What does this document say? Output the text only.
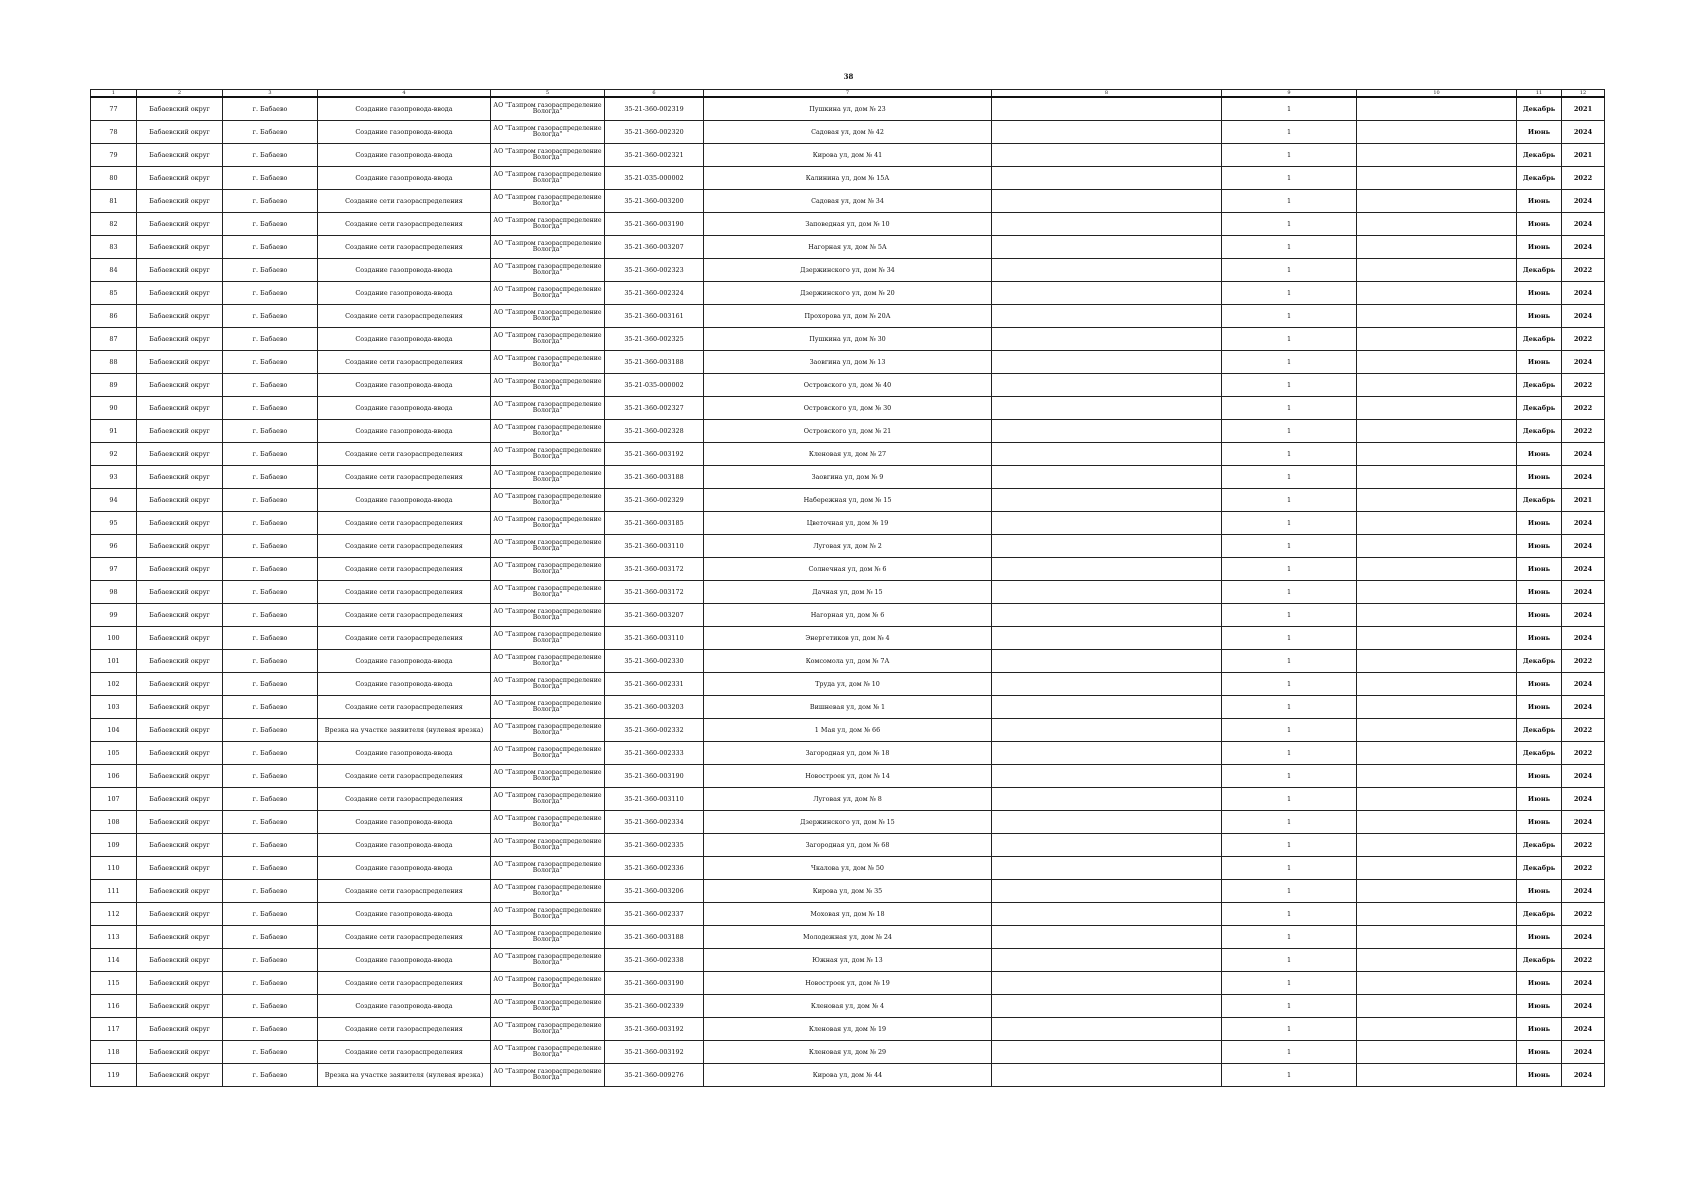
38
1	2	3	4	5	6	7	8	9	10	11	12
77	Бабаевский округ	г. Бабаево	Создание газопровода-ввода	АО "Газпром газораспределение Вологда"	35-21-360-002319	Пушкина ул, дом № 23		1		Декабрь	2021
78	Бабаевский округ	г. Бабаево	Создание газопровода-ввода	АО "Газпром газораспределение Вологда"	35-21-360-002320	Садовая ул, дом № 42		1		Июнь	2024
79	Бабаевский округ	г. Бабаево	Создание газопровода-ввода	АО "Газпром газораспределение Вологда"	35-21-360-002321	Кирова ул, дом № 41		1		Декабрь	2021
80	Бабаевский округ	г. Бабаево	Создание газопровода-ввода	АО "Газпром газораспределение Вологда"	35-21-035-000002	Калинина ул, дом № 15А		1		Декабрь	2022
81	Бабаевский округ	г. Бабаево	Создание сети газораспределения	АО "Газпром газораспределение Вологда"	35-21-360-003200	Садовая ул, дом № 34		1		Июнь	2024
82	Бабаевский округ	г. Бабаево	Создание сети газораспределения	АО "Газпром газораспределение Вологда"	35-21-360-003190	Заповедная ул, дом № 10		1		Июнь	2024
83	Бабаевский округ	г. Бабаево	Создание сети газораспределения	АО "Газпром газораспределение Вологда"	35-21-360-003207	Нагорная ул, дом № 5А		1		Июнь	2024
84	Бабаевский округ	г. Бабаево	Создание газопровода-ввода	АО "Газпром газораспределение Вологда"	35-21-360-002323	Дзержинского ул, дом № 34		1		Декабрь	2022
85	Бабаевский округ	г. Бабаево	Создание газопровода-ввода	АО "Газпром газораспределение Вологда"	35-21-360-002324	Дзержинского ул, дом № 20		1		Июнь	2024
86	Бабаевский округ	г. Бабаево	Создание сети газораспределения	АО "Газпром газораспределение Вологда"	35-21-360-003161	Прохорова ул, дом № 20А		1		Июнь	2024
87	Бабаевский округ	г. Бабаево	Создание газопровода-ввода	АО "Газпром газораспределение Вологда"	35-21-360-002325	Пушкина ул, дом № 30		1		Декабрь	2022
88	Бабаевский округ	г. Бабаево	Создание сети газораспределения	АО "Газпром газораспределение Вологда"	35-21-360-003188	Заовгина ул, дом № 13		1		Июнь	2024
89	Бабаевский округ	г. Бабаево	Создание газопровода-ввода	АО "Газпром газораспределение Вологда"	35-21-035-000002	Островского ул, дом № 40		1		Декабрь	2022
90	Бабаевский округ	г. Бабаево	Создание газопровода-ввода	АО "Газпром газораспределение Вологда"	35-21-360-002327	Островского ул, дом № 30		1		Декабрь	2022
91	Бабаевский округ	г. Бабаево	Создание газопровода-ввода	АО "Газпром газораспределение Вологда"	35-21-360-002328	Островского ул, дом № 21		1		Декабрь	2022
92	Бабаевский округ	г. Бабаево	Создание сети газораспределения	АО "Газпром газораспределение Вологда"	35-21-360-003192	Кленовая ул, дом № 27		1		Июнь	2024
93	Бабаевский округ	г. Бабаево	Создание сети газораспределения	АО "Газпром газораспределение Вологда"	35-21-360-003188	Заовгина ул, дом № 9		1		Июнь	2024
94	Бабаевский округ	г. Бабаево	Создание газопровода-ввода	АО "Газпром газораспределение Вологда"	35-21-360-002329	Набережная ул, дом № 15		1		Декабрь	2021
95	Бабаевский округ	г. Бабаево	Создание сети газораспределения	АО "Газпром газораспределение Вологда"	35-21-360-003185	Цветочная ул, дом № 19		1		Июнь	2024
96	Бабаевский округ	г. Бабаево	Создание сети газораспределения	АО "Газпром газораспределение Вологда"	35-21-360-003110	Луговая ул, дом № 2		1		Июнь	2024
97	Бабаевский округ	г. Бабаево	Создание сети газораспределения	АО "Газпром газораспределение Вологда"	35-21-360-003172	Солнечная ул, дом № 6		1		Июнь	2024
98	Бабаевский округ	г. Бабаево	Создание сети газораспределения	АО "Газпром газораспределение Вологда"	35-21-360-003172	Дачная ул, дом № 15		1		Июнь	2024
99	Бабаевский округ	г. Бабаево	Создание сети газораспределения	АО "Газпром газораспределение Вологда"	35-21-360-003207	Нагорная ул, дом № 6		1		Июнь	2024
100	Бабаевский округ	г. Бабаево	Создание сети газораспределения	АО "Газпром газораспределение Вологда"	35-21-360-003110	Энергетиков ул, дом № 4		1		Июнь	2024
101	Бабаевский округ	г. Бабаево	Создание газопровода-ввода	АО "Газпром газораспределение Вологда"	35-21-360-002330	Комсомола ул, дом № 7А		1		Декабрь	2022
102	Бабаевский округ	г. Бабаево	Создание газопровода-ввода	АО "Газпром газораспределение Вологда"	35-21-360-002331	Труда ул, дом № 10		1		Июнь	2024
103	Бабаевский округ	г. Бабаево	Создание сети газораспределения	АО "Газпром газораспределение Вологда"	35-21-360-003203	Вишневая ул, дом № 1		1		Июнь	2024
104	Бабаевский округ	г. Бабаево	Врезка на участке заявителя (нулевая врезка)	АО "Газпром газораспределение Вологда"	35-21-360-002332	1 Мая ул, дом № 66		1		Декабрь	2022
105	Бабаевский округ	г. Бабаево	Создание газопровода-ввода	АО "Газпром газораспределение Вологда"	35-21-360-002333	Загородная ул, дом № 18		1		Декабрь	2022
106	Бабаевский округ	г. Бабаево	Создание сети газораспределения	АО "Газпром газораспределение Вологда"	35-21-360-003190	Новостроек ул, дом № 14		1		Июнь	2024
107	Бабаевский округ	г. Бабаево	Создание сети газораспределения	АО "Газпром газораспределение Вологда"	35-21-360-003110	Луговая ул, дом № 8		1		Июнь	2024
108	Бабаевский округ	г. Бабаево	Создание газопровода-ввода	АО "Газпром газораспределение Вологда"	35-21-360-002334	Дзержинского ул, дом № 15		1		Июнь	2024
109	Бабаевский округ	г. Бабаево	Создание газопровода-ввода	АО "Газпром газораспределение Вологда"	35-21-360-002335	Загородная ул, дом № 68		1		Декабрь	2022
110	Бабаевский округ	г. Бабаево	Создание газопровода-ввода	АО "Газпром газораспределение Вологда"	35-21-360-002336	Чкалова ул, дом № 50		1		Декабрь	2022
111	Бабаевский округ	г. Бабаево	Создание сети газораспределения	АО "Газпром газораспределение Вологда"	35-21-360-003206	Кирова ул, дом № 35		1		Июнь	2024
112	Бабаевский округ	г. Бабаево	Создание газопровода-ввода	АО "Газпром газораспределение Вологда"	35-21-360-002337	Моховая ул, дом № 18		1		Декабрь	2022
113	Бабаевский округ	г. Бабаево	Создание сети газораспределения	АО "Газпром газораспределение Вологда"	35-21-360-003188	Молодежная ул, дом № 24		1		Июнь	2024
114	Бабаевский округ	г. Бабаево	Создание газопровода-ввода	АО "Газпром газораспределение Вологда"	35-21-360-002338	Южная ул, дом № 13		1		Декабрь	2022
115	Бабаевский округ	г. Бабаево	Создание сети газораспределения	АО "Газпром газораспределение Вологда"	35-21-360-003190	Новостроек ул, дом № 19		1		Июнь	2024
116	Бабаевский округ	г. Бабаево	Создание газопровода-ввода	АО "Газпром газораспределение Вологда"	35-21-360-002339	Кленовая ул, дом № 4		1		Июнь	2024
117	Бабаевский округ	г. Бабаево	Создание сети газораспределения	АО "Газпром газораспределение Вологда"	35-21-360-003192	Кленовая ул, дом № 19		1		Июнь	2024
118	Бабаевский округ	г. Бабаево	Создание сети газораспределения	АО "Газпром газораспределение Вологда"	35-21-360-003192	Кленовая ул, дом № 29		1		Июнь	2024
119	Бабаевский округ	г. Бабаево	Врезка на участке заявителя (нулевая врезка)	АО "Газпром газораспределение Вологда"	35-21-360-009276	Кирова ул, дом № 44		1		Июнь	2024
